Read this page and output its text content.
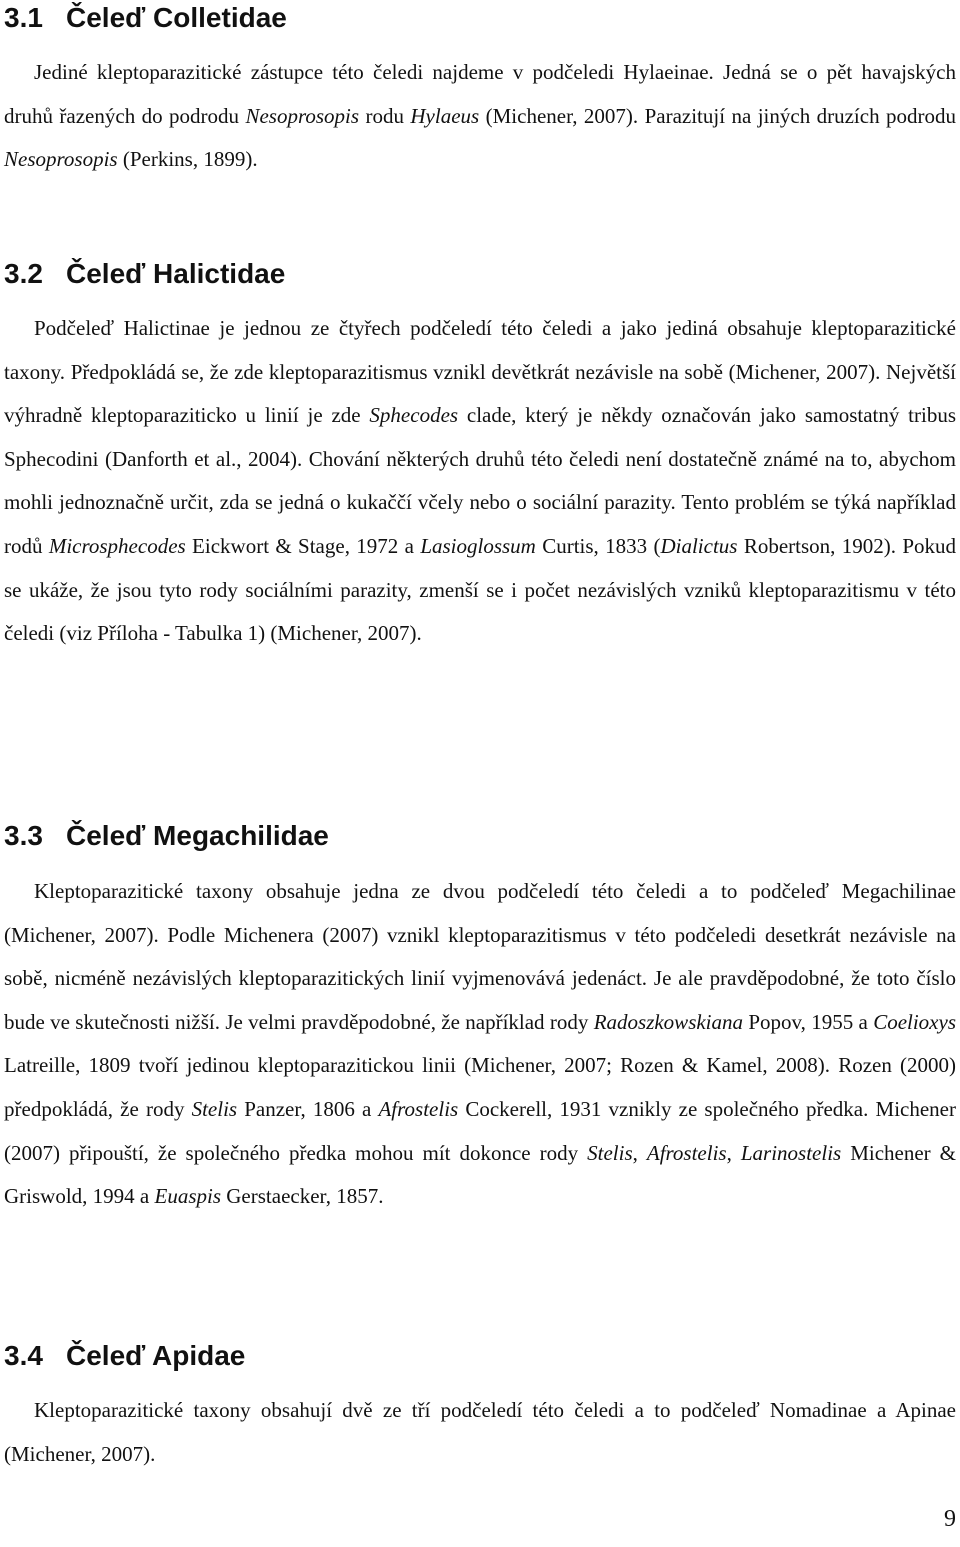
3.1 Čeleď Colletidae

Jediné kleptoparazitické zástupce této čeledi najdeme v podčeledi Hylaeinae. Jedná se o pět havajských druhů řazených do podrodu Nesoprosopis rodu Hylaeus (Michener, 2007). Parazitují na jiných druzích podrodu Nesoprosopis (Perkins, 1899).

3.2 Čeleď Halictidae

Podčeleď Halictinae je jednou ze čtyřech podčeledí této čeledi a jako jediná obsahuje kleptoparazitické taxony. Předpokládá se, že zde kleptoparazitismus vznikl devětkrát nezávisle na sobě (Michener, 2007). Největší výhradně kleptoparaziticko u linií je zde Sphecodes clade, který je někdy označován jako samostatný tribus Sphecodini (Danforth et al., 2004). Chování některých druhů této čeledi není dostatečně známé na to, abychom mohli jednoznačně určit, zda se jedná o kukaččí včely nebo o sociální parazity. Tento problém se týká například rodů Microsphecodes Eickwort & Stage, 1972 a Lasioglossum Curtis, 1833 (Dialictus Robertson, 1902). Pokud se ukáže, že jsou tyto rody sociálními parazity, zmenší se i počet nezávislých vzniků kleptoparazitismu v této čeledi (viz Příloha - Tabulka 1) (Michener, 2007).

3.3 Čeleď Megachilidae

Kleptoparazitické taxony obsahuje jedna ze dvou podčeledí této čeledi a to podčeleď Megachilinae (Michener, 2007). Podle Michenera (2007) vznikl kleptoparazitismus v této podčeledi desetkrát nezávisle na sobě, nicméně nezávislých kleptoparazitických linií vyjmenovává jedenáct. Je ale pravděpodobné, že toto číslo bude ve skutečnosti nižší. Je velmi pravděpodobné, že například rody Radoszkowskiana Popov, 1955 a Coelioxys Latreille, 1809 tvoří jedinou kleptoparazitickou linii (Michener, 2007; Rozen & Kamel, 2008). Rozen (2000) předpokládá, že rody Stelis Panzer, 1806 a Afrostelis Cockerell, 1931 vznikly ze společného předka. Michener (2007) připouští, že společného předka mohou mít dokonce rody Stelis, Afrostelis, Larinostelis Michener & Griswold, 1994 a Euaspis Gerstaecker, 1857.

3.4 Čeleď Apidae

Kleptoparazitické taxony obsahují dvě ze tří podčeledí této čeledi a to podčeleď Nomadinae a Apinae (Michener, 2007).

9
